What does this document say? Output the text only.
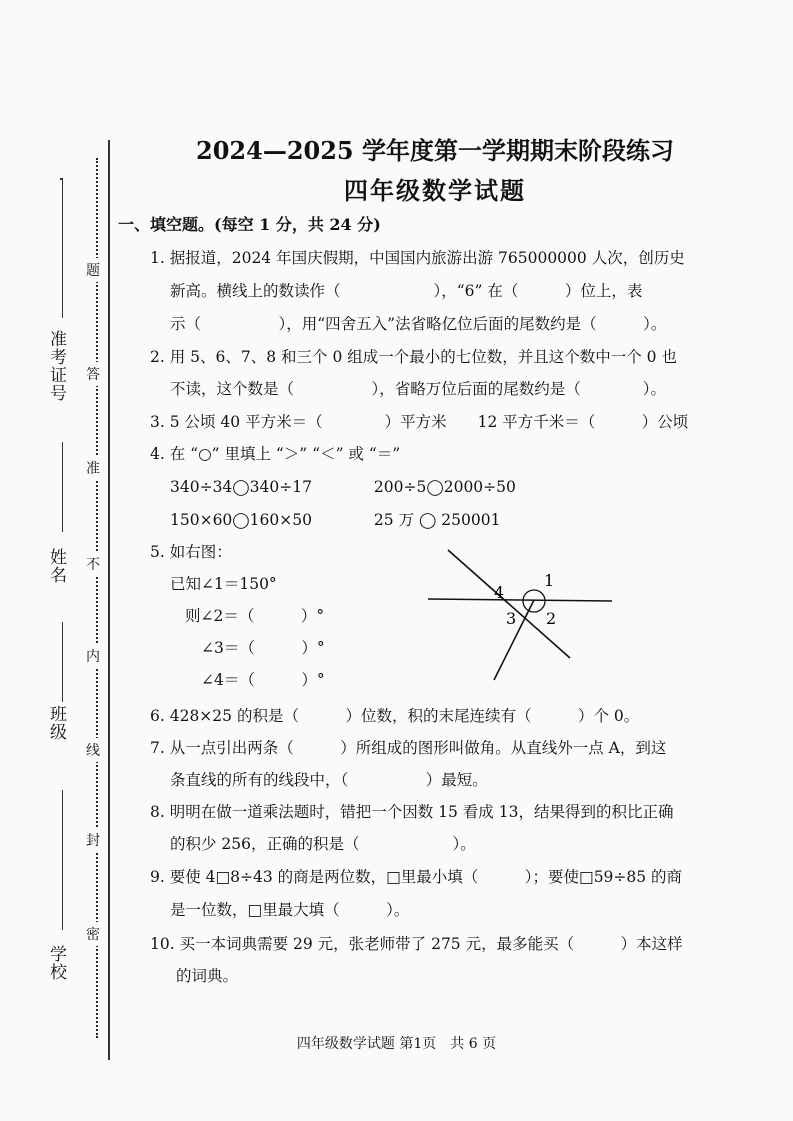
准考证号
姓名
班级
学校
题
答
准
不
内
线
封
密
2024—2025 学年度第一学期期末阶段练习
四年级数学试题
一、填空题。(每空 1 分，共 24 分)
1. 据报道，2024 年国庆假期，中国国内旅游出游 765000000 人次，创历史
新高。横线上的数读作（　　　　　　），“6” 在（　　　）位上，表
示（　　　　　），用“四舍五入”法省略亿位后面的尾数约是（　　　）。
2. 用 5、6、7、8 和三个 0 组成一个最小的七位数，并且这个数中一个 0 也
不读，这个数是（　　　　　），省略万位后面的尾数约是（　　　　）。
3. 5 公顷 40 平方米＝（　　　　）平方米　　12 平方千米＝（　　　）公顷
4. 在 “○” 里填上 “＞” “＜” 或 “＝”
340÷34◯340÷17　　　　200÷5◯2000÷50
150×60◯160×50　　　　25 万 ◯ 250001
5. 如右图：
已知∠1＝150°
则∠2＝（　　　）°
∠3＝（　　　）°
∠4＝（　　　）°
1
2
3
4
6. 428×25 的积是（　　　）位数，积的末尾连续有（　　　）个 0。
7. 从一点引出两条（　　　）所组成的图形叫做角。从直线外一点 A，到这
条直线的所有的线段中，（　　　　　）最短。
8. 明明在做一道乘法题时，错把一个因数 15 看成 13，结果得到的积比正确
的积少 256，正确的积是（　　　　　　）。
9. 要使 4□8÷43 的商是两位数，□里最小填（　　　）；要使□59÷85 的商
是一位数，□里最大填（　　　）。
10. 买一本词典需要 29 元，张老师带了 275 元，最多能买（　　　）本这样
的词典。
四年级数学试题 第1页　共 6 页
